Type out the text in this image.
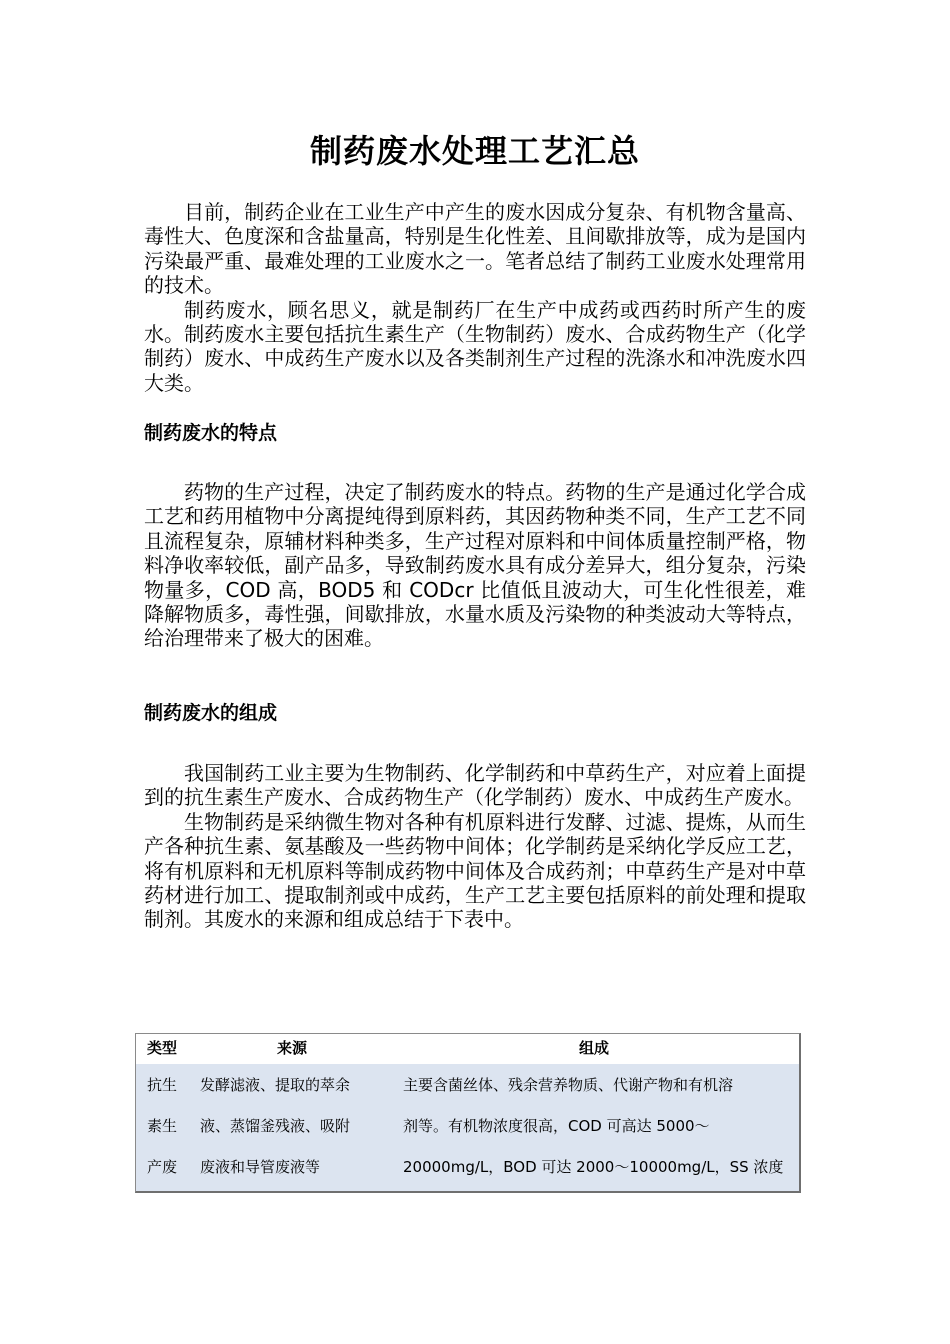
制药废水处理工艺汇总

目前，制药企业在工业生产中产生的废水因成分复杂、有机物含量高、毒性大、色度深和含盐量高，特别是生化性差、且间歇排放等，成为是国内污染最严重、最难处理的工业废水之一。笔者总结了制药工业废水处理常用的技术。

制药废水，顾名思义，就是制药厂在生产中成药或西药时所产生的废水。制药废水主要包括抗生素生产（生物制药）废水、合成药物生产（化学制药）废水、中成药生产废水以及各类制剂生产过程的洗涤水和冲洗废水四大类。

制药废水的特点

药物的生产过程，决定了制药废水的特点。药物的生产是通过化学合成工艺和药用植物中分离提纯得到原料药，其因药物种类不同，生产工艺不同且流程复杂，原辅材料种类多，生产过程对原料和中间体质量控制严格，物料净收率较低，副产品多，导致制药废水具有成分差异大，组分复杂，污染物量多，COD 高，BOD5 和 CODcr 比值低且波动大，可生化性很差，难降解物质多，毒性强，间歇排放，水量水质及污染物的种类波动大等特点，给治理带来了极大的困难。

制药废水的组成

我国制药工业主要为生物制药、化学制药和中草药生产，对应着上面提到的抗生素生产废水、合成药物生产（化学制药）废水、中成药生产废水。

生物制药是采纳微生物对各种有机原料进行发酵、过滤、提炼，从而生产各种抗生素、氨基酸及一些药物中间体；化学制药是采纳化学反应工艺，将有机原料和无机原料等制成药物中间体及合成药剂；中草药生产是对中草药材进行加工、提取制剂或中成药，生产工艺主要包括原料的前处理和提取制剂。其废水的来源和组成总结于下表中。

类型	来源	组成
抗生
素生
产废
发酵滤液、提取的萃余
液、蒸馏釜残液、吸附
废液和导管废液等
主要含菌丝体、残余营养物质、代谢产物和有机溶
剂等。有机物浓度很高，COD 可高达 5000～
20000mg/L，BOD 可达 2000～10000mg/L，SS 浓度
